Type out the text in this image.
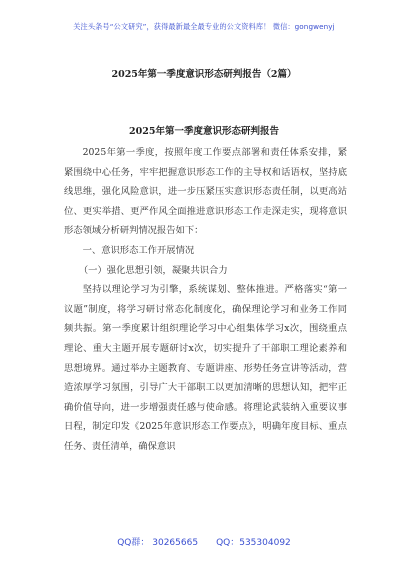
关注头条号“公文研究”，获得最新最全最专业的公文资料库！ 微信：gongwenyj
2025年第一季度意识形态研判报告（2篇）
2025年第一季度意识形态研判报告

2025年第一季度，按照年度工作要点部署和责任体系安排，紧紧围绕中心任务，牢牢把握意识形态工作的主导权和话语权，坚持底线思维，强化风险意识，进一步压紧压实意识形态责任制，以更高站位、更实举措、更严作风全面推进意识形态工作走深走实，现将意识形态领域分析研判情况报告如下：

一、意识形态工作开展情况

（一）强化思想引领，凝聚共识合力

坚持以理论学习为引擎，系统谋划、整体推进。严格落实“第一议题”制度，将学习研讨常态化制度化，确保理论学习和业务工作同频共振。第一季度累计组织理论学习中心组集体学习x次，围绕重点理论、重大主题开展专题研讨x次，切实提升了干部职工理论素养和思想境界。通过举办主题教育、专题讲座、形势任务宣讲等活动，营造浓厚学习氛围，引导广大干部职工以更加清晰的思想认知，把牢正确价值导向，进一步增强责任感与使命感。将理论武装纳入重要议事日程，制定印发《2025年意识形态工作要点》，明确年度目标、重点任务、责任清单，确保意识

QQ群： 30265665 QQ：535304092
